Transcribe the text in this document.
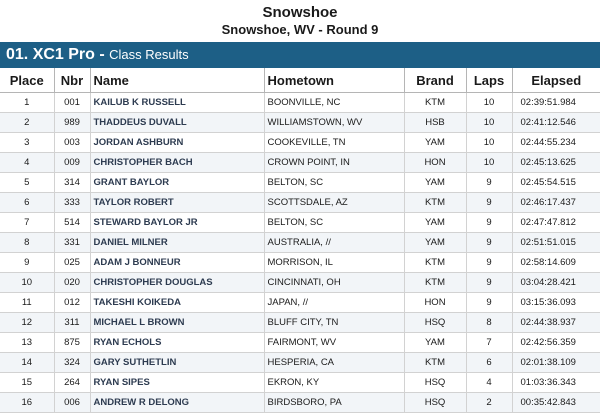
Snowshoe
Snowshoe, WV - Round 9
01. XC1 Pro - Class Results
Place	Nbr	Name	Hometown	Brand	Laps	Elapsed
1	001	KAILUB K RUSSELL	BOONVILLE, NC	KTM	10	02:39:51.984
2	989	THADDEUS DUVALL	WILLIAMSTOWN, WV	HSB	10	02:41:12.546
3	003	JORDAN ASHBURN	COOKEVILLE, TN	YAM	10	02:44:55.234
4	009	CHRISTOPHER BACH	CROWN POINT, IN	HON	10	02:45:13.625
5	314	GRANT BAYLOR	BELTON, SC	YAM	9	02:45:54.515
6	333	TAYLOR ROBERT	SCOTTSDALE, AZ	KTM	9	02:46:17.437
7	514	STEWARD BAYLOR JR	BELTON, SC	YAM	9	02:47:47.812
8	331	DANIEL MILNER	AUSTRALIA, //	YAM	9	02:51:51.015
9	025	ADAM J BONNEUR	MORRISON, IL	KTM	9	02:58:14.609
10	020	CHRISTOPHER DOUGLAS	CINCINNATI, OH	KTM	9	03:04:28.421
11	012	TAKESHI KOIKEDA	JAPAN, //	HON	9	03:15:36.093
12	311	MICHAEL L BROWN	BLUFF CITY, TN	HSQ	8	02:44:38.937
13	875	RYAN ECHOLS	FAIRMONT, WV	YAM	7	02:42:56.359
14	324	GARY SUTHETLIN	HESPERIA, CA	KTM	6	02:01:38.109
15	264	RYAN SIPES	EKRON, KY	HSQ	4	01:03:36.343
16	006	ANDREW R DELONG	BIRDSBORO, PA	HSQ	2	00:35:42.843
